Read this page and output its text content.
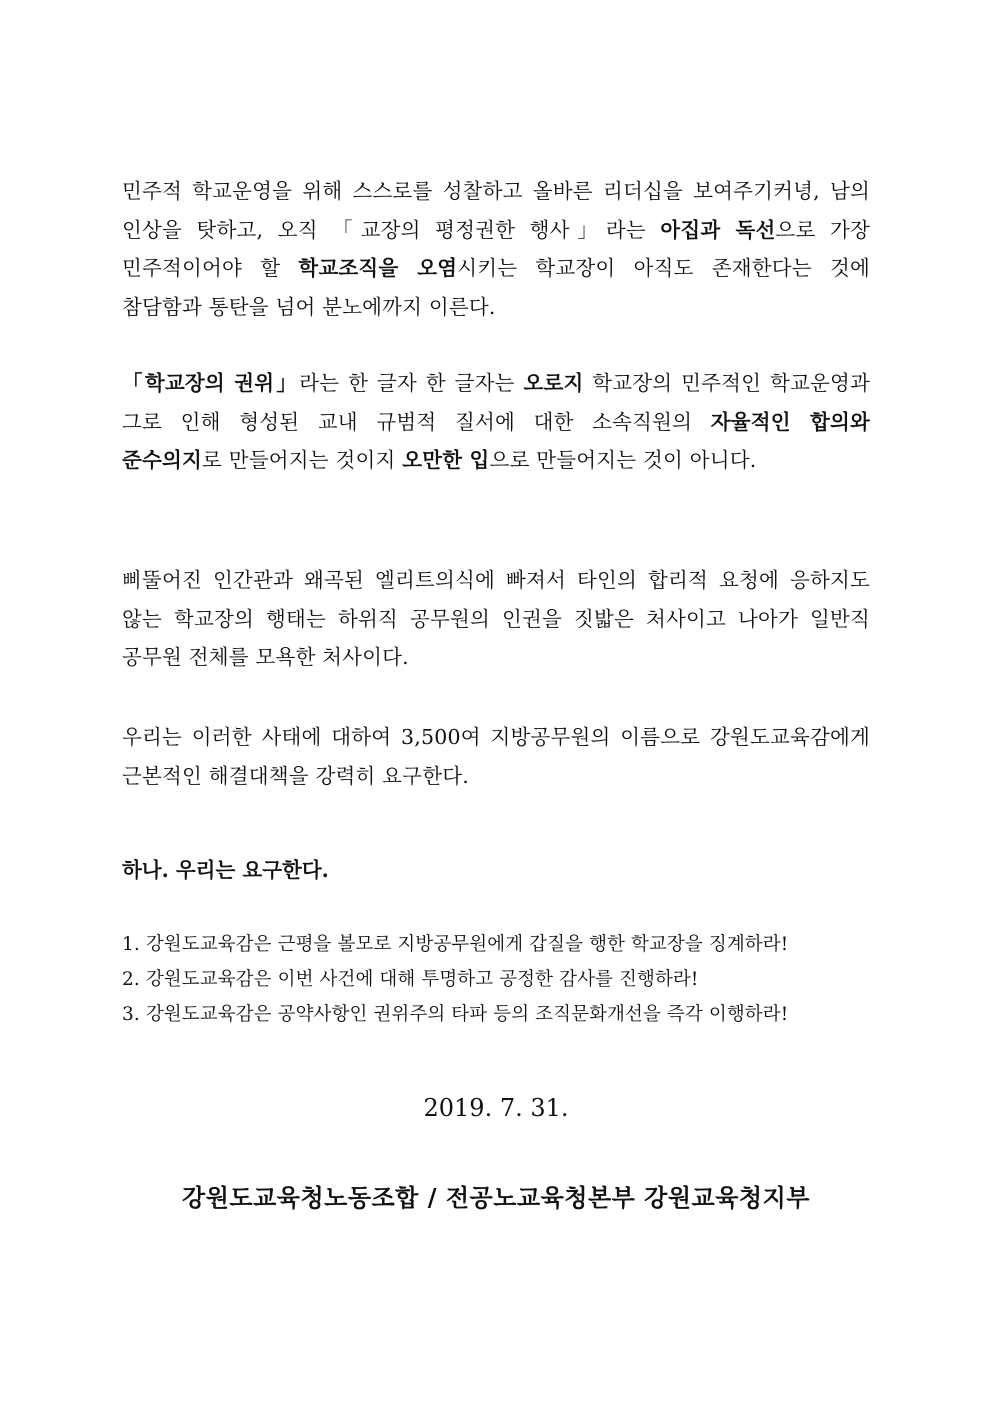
민주적 학교운영을 위해 스스로를 성찰하고 올바른 리더십을 보여주기커녕, 남의 인상을 탓하고, 오직 「교장의 평정권한 행사」라는 아집과 독선으로 가장 민주적이어야 할 학교조직을 오염시키는 학교장이 아직도 존재한다는 것에 참담함과 통탄을 넘어 분노에까지 이른다.

「학교장의 권위」라는 한 글자 한 글자는 오로지 학교장의 민주적인 학교운영과 그로 인해 형성된 교내 규범적 질서에 대한 소속직원의 자율적인 합의와 준수의지로 만들어지는 것이지 오만한 입으로 만들어지는 것이 아니다.

삐뚤어진 인간관과 왜곡된 엘리트의식에 빠져서 타인의 합리적 요청에 응하지도 않는 학교장의 행태는 하위직 공무원의 인권을 짓밟은 처사이고 나아가 일반직 공무원 전체를 모욕한 처사이다.

우리는 이러한 사태에 대하여 3,500여 지방공무원의 이름으로 강원도교육감에게 근본적인 해결대책을 강력히 요구한다.

하나. 우리는 요구한다.

1. 강원도교육감은 근평을 볼모로 지방공무원에게 갑질을 행한 학교장을 징계하라!
2. 강원도교육감은 이번 사건에 대해 투명하고 공정한 감사를 진행하라!
3. 강원도교육감은 공약사항인 권위주의 타파 등의 조직문화개선을 즉각 이행하라!

2019. 7. 31.

강원도교육청노동조합 / 전공노교육청본부 강원교육청지부
